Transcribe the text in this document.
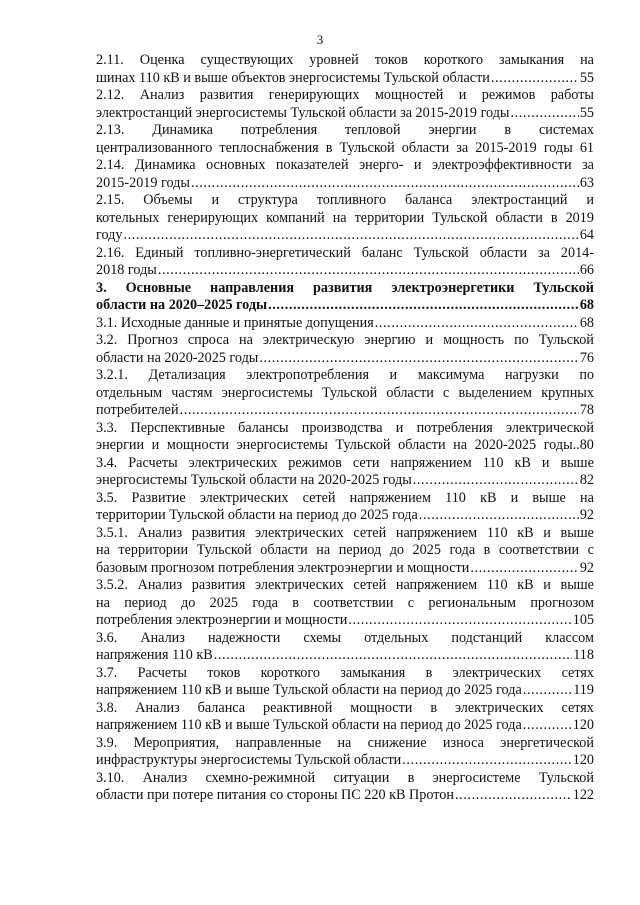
3
2.11. Оценка существующих уровней токов короткого замыкания на
шинах 110 кВ и выше объектов энергосистемы Тульской области .....	55
2.12. Анализ развития генерирующих мощностей и режимов работы
электростанций энергосистемы Тульской области за 2015-2019 годы .....	55
2.13. Динамика потребления тепловой энергии в системах
централизованного теплоснабжения в Тульской области за 2015-2019 годы 61
2.14. Динамика основных показателей энерго- и электроэффективности за
2015-2019 годы .....	63
2.15. Объемы и структура топливного баланса электростанций и
котельных генерирующих компаний на территории Тульской области в 2019
году .....	64
2.16. Единый топливно-энергетический баланс Тульской области за 2014-
2018 годы .....	66
3. Основные направления развития электроэнергетики Тульской
области на 2020–2025 годы .....	68
3.1. Исходные данные и принятые допущения .....	68
3.2. Прогноз спроса на электрическую энергию и мощность по Тульской
области на 2020-2025 годы .....	76
3.2.1. Детализация электропотребления и максимума нагрузки по
отдельным частям энергосистемы Тульской области с выделением крупных
потребителей .....	78
3.3. Перспективные балансы производства и потребления электрической
энергии и мощности энергосистемы Тульской области на 2020-2025 годы..80
3.4. Расчеты электрических режимов сети напряжением 110 кВ и выше
энергосистемы Тульской области на 2020-2025 годы .....	82
3.5. Развитие электрических сетей напряжением 110 кВ и выше на
территории Тульской области на период до 2025 года .....	92
3.5.1. Анализ развития электрических сетей напряжением 110 кВ и выше
на территории Тульской области на период до 2025 года в соответствии с
базовым прогнозом потребления электроэнергии и мощности .....	92
3.5.2. Анализ развития электрических сетей напряжением 110 кВ и выше
на период до 2025 года в соответствии с региональным прогнозом
потребления электроэнергии и мощности .....	105
3.6. Анализ надежности схемы отдельных подстанций классом
напряжения 110 кВ .....	118
3.7. Расчеты токов короткого замыкания в электрических сетях
напряжением 110 кВ и выше Тульской области на период до 2025 года .....	119
3.8. Анализ баланса реактивной мощности в электрических сетях
напряжением 110 кВ и выше Тульской области на период до 2025 года .....	120
3.9. Мероприятия, направленные на снижение износа энергетической
инфраструктуры энергосистемы Тульской области .....	120
3.10. Анализ схемно-режимной ситуации в энергосистеме Тульской
области при потере питания со стороны ПС 220 кВ Протон .....	122
